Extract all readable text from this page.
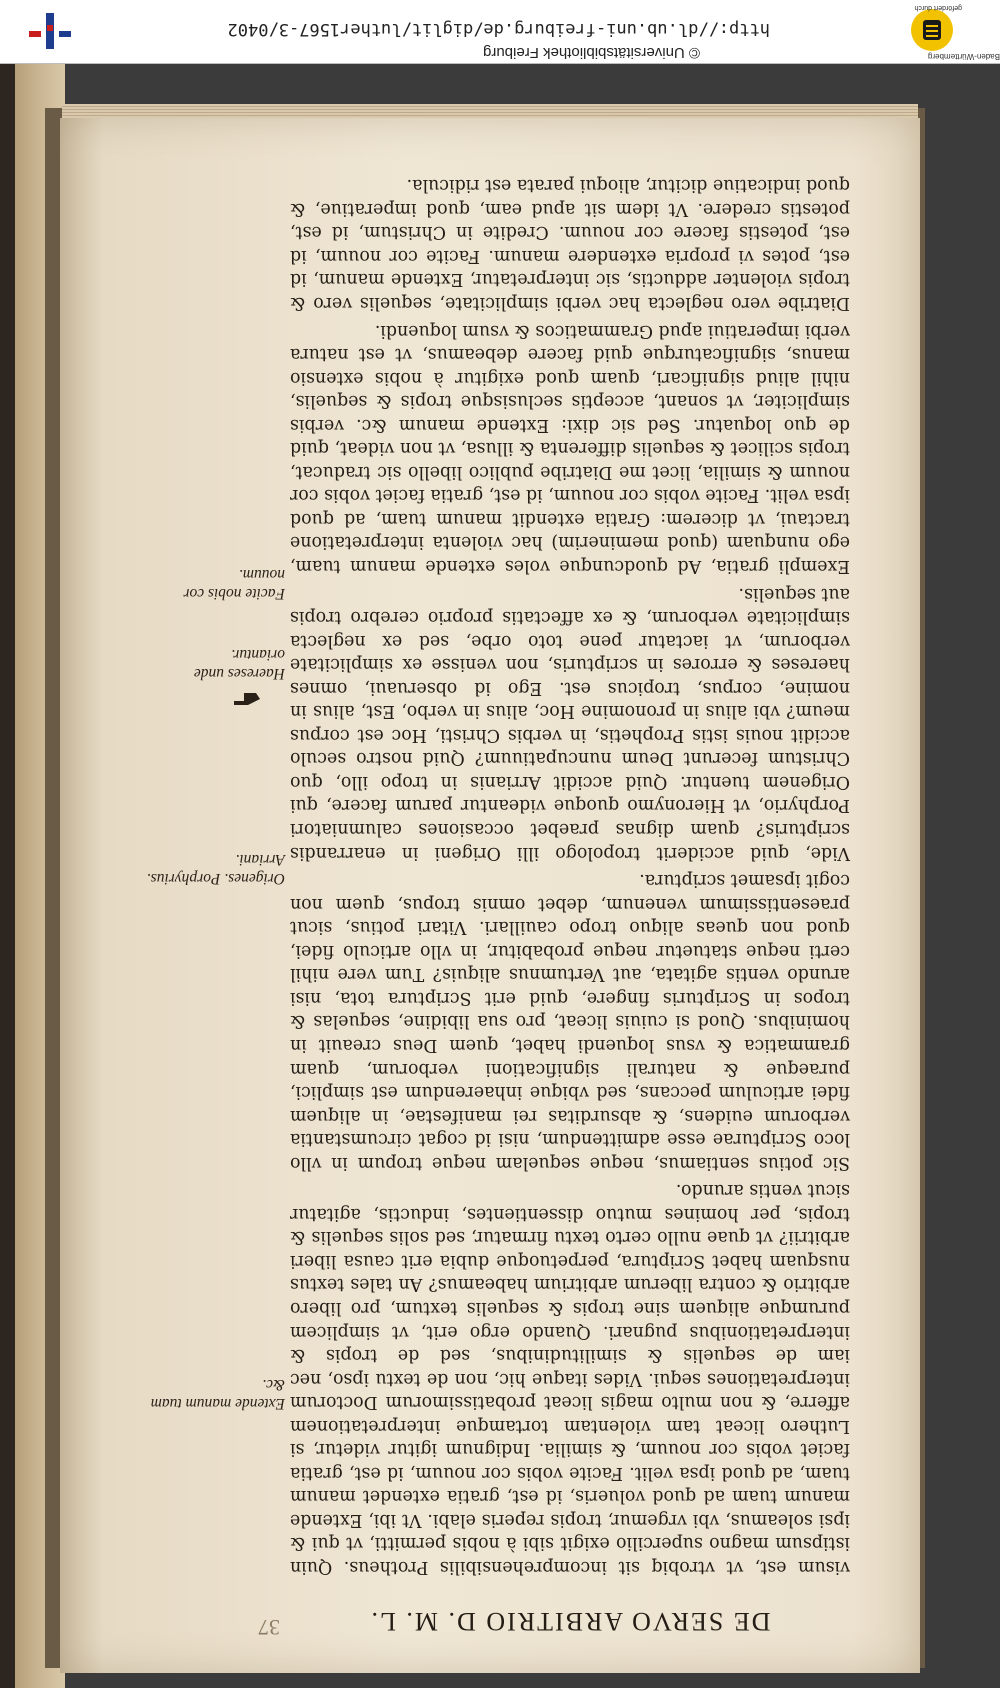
DE SERVO ARBITRIO D. M. L.
37

visum est, vt vtrobiq sit incomprehensibilis Protheus. Quin istipsum magno supercilio exigit sibi à nobis permitti, vt qui & ipsi soleamus, vbi vrgemur, tropis reperis elabi. Vt ibi, Extende manum tuam ad quod volueris, id est, gratia extendet manum tuam, ad quod ipsa velit. Facite vobis cor nouum, id est, gratia faciet vobis cor nouum, & similia. Indignum igitur videtur, si Luthero liceat tam violentam tortamque interpretationem afferre, & non multo magis liceat probatissimorum Doctorum interpretationes sequi. Vides itaque hic, non de textu ipso, nec iam de sequelis & similitudinibus, sed de tropis & interpretationibus pugnari. Quando ergo erit, vt simplicem purumque aliquem sine tropis & sequelis textum, pro libero arbitrio & contra liberum arbitrium habeamus? An tales textus nusquam habet Scriptura, perpetuoque dubia erit causa liberi arbitrii? vt quae nullo certo textu firmatur, sed solis sequelis & tropis, per homines mutuo dissentientes, inductis, agitatur sicut ventis arundo.

Sic potius sentiamus, neque sequelam neque tropum in vllo loco Scripturae esse admittendum, nisi id cogat circumstantia verborum euidens, & absurditas rei manifestae, in aliquem fidei articulum peccans, sed vbique inhaerendum est simplici, puraeque & naturali significationi verborum, quam grammatica & vsus loquendi habet, quem Deus creauit in hominibus. Quod si cuiuis liceat, pro sua libidine, sequelas & tropos in Scripturis fingere, quid erit Scriptura tota, nisi arundo ventis agitata, aut Vertumnus aliquis? Tum vere nihil certi neque statuetur neque probabitur, in vllo articulo fidei, quod non queas aliquo tropo cauillari. Vitari potius, sicut praesentissimum venenum, debet omnis tropus, quem non cogit ipsamet scriptura.

Vide, quid acciderit tropologo illi Origeni in enarrandis scripturis? quam dignas praebet occasiones calumniatori Porphyrio, vt Hieronymo quoque videantur parum facere, qui Origenem tuentur. Quid accidit Arrianis in tropo illo, quo Christum fecerunt Deum nuncupatiuum? Quid nostro seculo accidit nouis istis Prophetis, in verbis Christi, Hoc est corpus meum? vbi alius in pronomine Hoc, alius in verbo, Est, alius in nomine, corpus, tropicus est. Ego id obseruaui, omnes haereses & errores in scripturis, non venisse ex simplicitate verborum, vt iactatur pene toto orbe, sed ex neglecta simplicitate verborum, & ex affectatis proprio cerebro tropis aut sequelis.

Exempli gratia, Ad quodcunque voles extende manum tuam, ego nunquam (quod meminerim) hac violenta interpretatione tractaui, vt dicerem: Gratia extendit manum tuam, ad quod ipsa velit. Facite vobis cor nouum, id est, gratia faciet vobis cor nouum & similia, licet me Diatribe publico libello sic traducat, tropis scilicet & sequelis differenta & illusa, vt non videat, quid de quo loquatur. Sed sic dixi: Extende manum &c. verbis simpliciter, vt sonant, acceptis seclusisque tropis & sequelis, nihil aliud significari, quam quod exigitur à nobis extensio manus, significaturque quid facere debeamus, vt est natura verbi imperatiui apud Grammaticos & vsum loquendi.

Diatribe vero neglecta hac verbi simplicitate, sequelis vero & tropis violenter adductis, sic interpretatur, Extende manum, id est, potes vi propria extendere manum. Facite cor nouum, id est, potestis facere cor nouum. Credite in Christum, id est, potestis credere. Vt idem sit apud eam, quod imperatiue, & quod indicatiue dicitur, alioqui parata est ridicula.

Extende manum tuam &c.
Origenes. Porphyrius. Arriani.
Haereses unde oriantur.
Facite nobis cor nouum.
Baden-Württemberg
gefördert durch
© Universitätsbibliothek Freiburg
http://dl.ub.uni-freiburg.de/diglit/luther1567-3/0402
